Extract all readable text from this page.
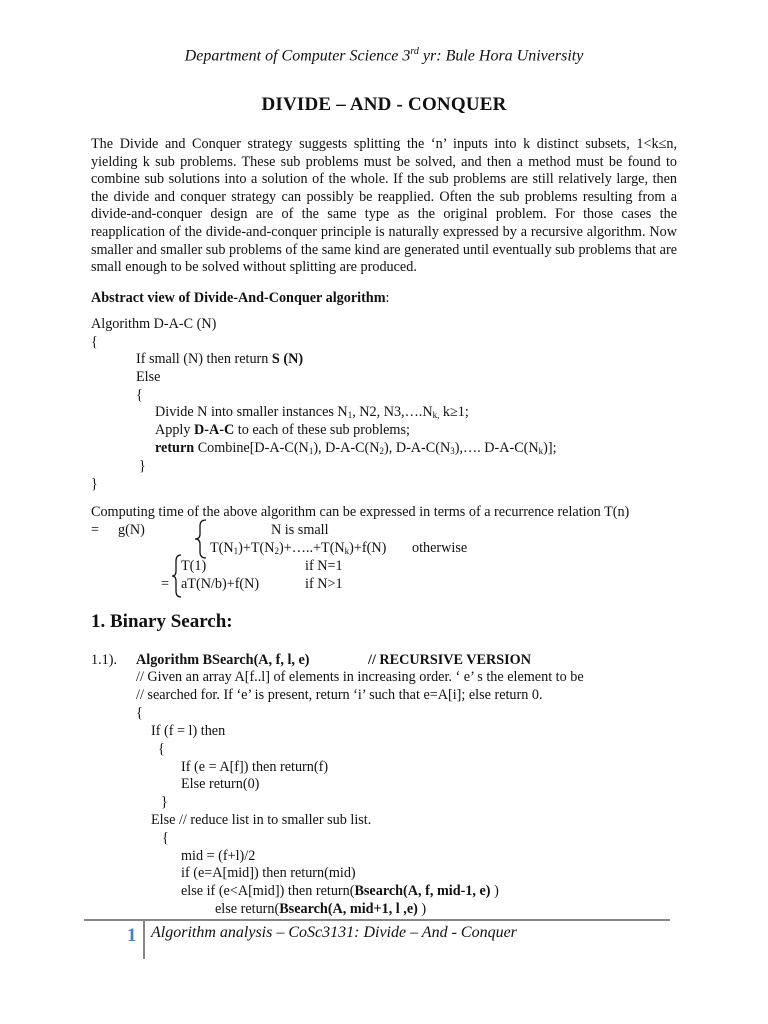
Department of Computer Science 3rd yr: Bule Hora University
DIVIDE – AND - CONQUER
The Divide and Conquer strategy suggests splitting the ‘n’ inputs into k distinct subsets, 1<k≤n, yielding k sub problems. These sub problems must be solved, and then a method must be found to combine sub solutions into a solution of the whole. If the sub problems are still relatively large, then the divide and conquer strategy can possibly be reapplied. Often the sub problems resulting from a divide-and-conquer design are of the same type as the original problem. For those cases the reapplication of the divide-and-conquer principle is naturally expressed by a recursive algorithm. Now smaller and smaller sub problems of the same kind are generated until eventually sub problems that are small enough to be solved without splitting are produced.
Abstract view of Divide-And-Conquer algorithm:
Algorithm D-A-C (N)
{
If small (N) then return S (N)
Else
{
Divide N into smaller instances $N_1$, N2, $N3,\dots.N_{k,}$ k≥1;
Apply D-A-C to each of these sub problems;
return $Combine[D-A-C(N_1)$, $D-A-C(N_2)$, $D-A-C(N_3),\dots$. $D-A-C(N_k)$];
}
}
Computing time of the above algorithm can be expressed in terms of a recurrence relation T(n)
= g(N)	N is small
$T(N_1)+T(N_2)+\dots..+T(N_k)+f(N)$ otherwise
T(1)	if N=1
= aT(N/b)+f(N)	if N>1
1. Binary Search:
1.1). Algorithm BSearch(A, f, l, e)	// RECURSIVE VERSION
// Given an array A[f..l] of elements in increasing order. ‘ e’ s the element to be
// searched for. If ‘e’ is present, return ‘i’ such that e=A[i]; else return 0.
{
If (f = l) then
{
If (e = A[f]) then return(f)
Else return(0)
}
Else // reduce list in to smaller sub list.
{
mid = (f+l)/2
if (e=A[mid]) then return(mid)
else if (e<A[mid]) then return(Bsearch(A, f, mid-1, e) )
else return(Bsearch(A, mid+1, l ,e) )
1 Algorithm analysis – CoSc3131: Divide – And - Conquer
